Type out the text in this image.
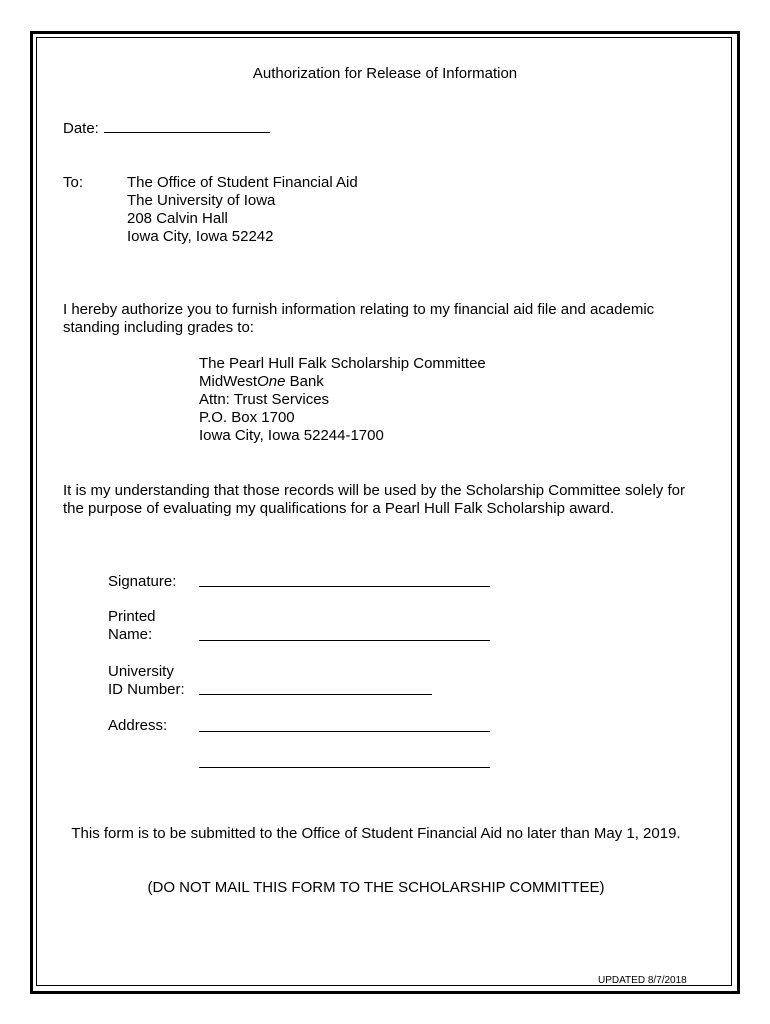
Authorization for Release of Information
Date:
To:	The Office of Student Financial Aid
The University of Iowa
208 Calvin Hall
Iowa City, Iowa 52242
I hereby authorize you to furnish information relating to my financial aid file and academic
standing including grades to:
The Pearl Hull Falk Scholarship Committee
MidWestOne Bank
Attn: Trust Services
P.O. Box 1700
Iowa City, Iowa 52244-1700
It is my understanding that those records will be used by the Scholarship Committee solely for
the purpose of evaluating my qualifications for a Pearl Hull Falk Scholarship award.
Signature:
Printed
Name:
University
ID Number:
Address:
This form is to be submitted to the Office of Student Financial Aid no later than May 1, 2019.
(DO NOT MAIL THIS FORM TO THE SCHOLARSHIP COMMITTEE)
UPDATED 8/7/2018
